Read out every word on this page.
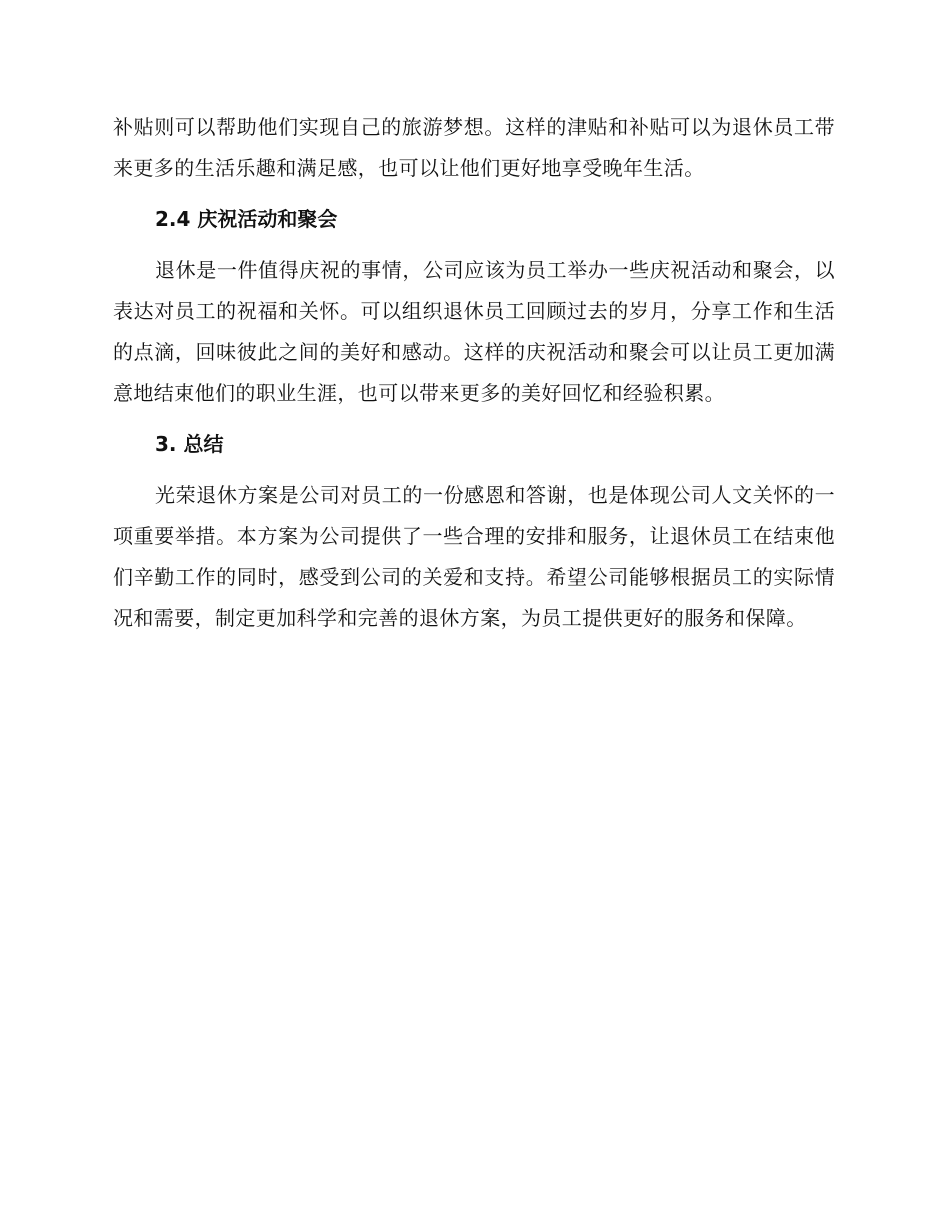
补贴则可以帮助他们实现自己的旅游梦想。这样的津贴和补贴可以为退休员工带来更多的生活乐趣和满足感，也可以让他们更好地享受晚年生活。

2.4 庆祝活动和聚会

退休是一件值得庆祝的事情，公司应该为员工举办一些庆祝活动和聚会，以表达对员工的祝福和关怀。可以组织退休员工回顾过去的岁月，分享工作和生活的点滴，回味彼此之间的美好和感动。这样的庆祝活动和聚会可以让员工更加满意地结束他们的职业生涯，也可以带来更多的美好回忆和经验积累。

3. 总结

光荣退休方案是公司对员工的一份感恩和答谢，也是体现公司人文关怀的一项重要举措。本方案为公司提供了一些合理的安排和服务，让退休员工在结束他们辛勤工作的同时，感受到公司的关爱和支持。希望公司能够根据员工的实际情况和需要，制定更加科学和完善的退休方案，为员工提供更好的服务和保障。
